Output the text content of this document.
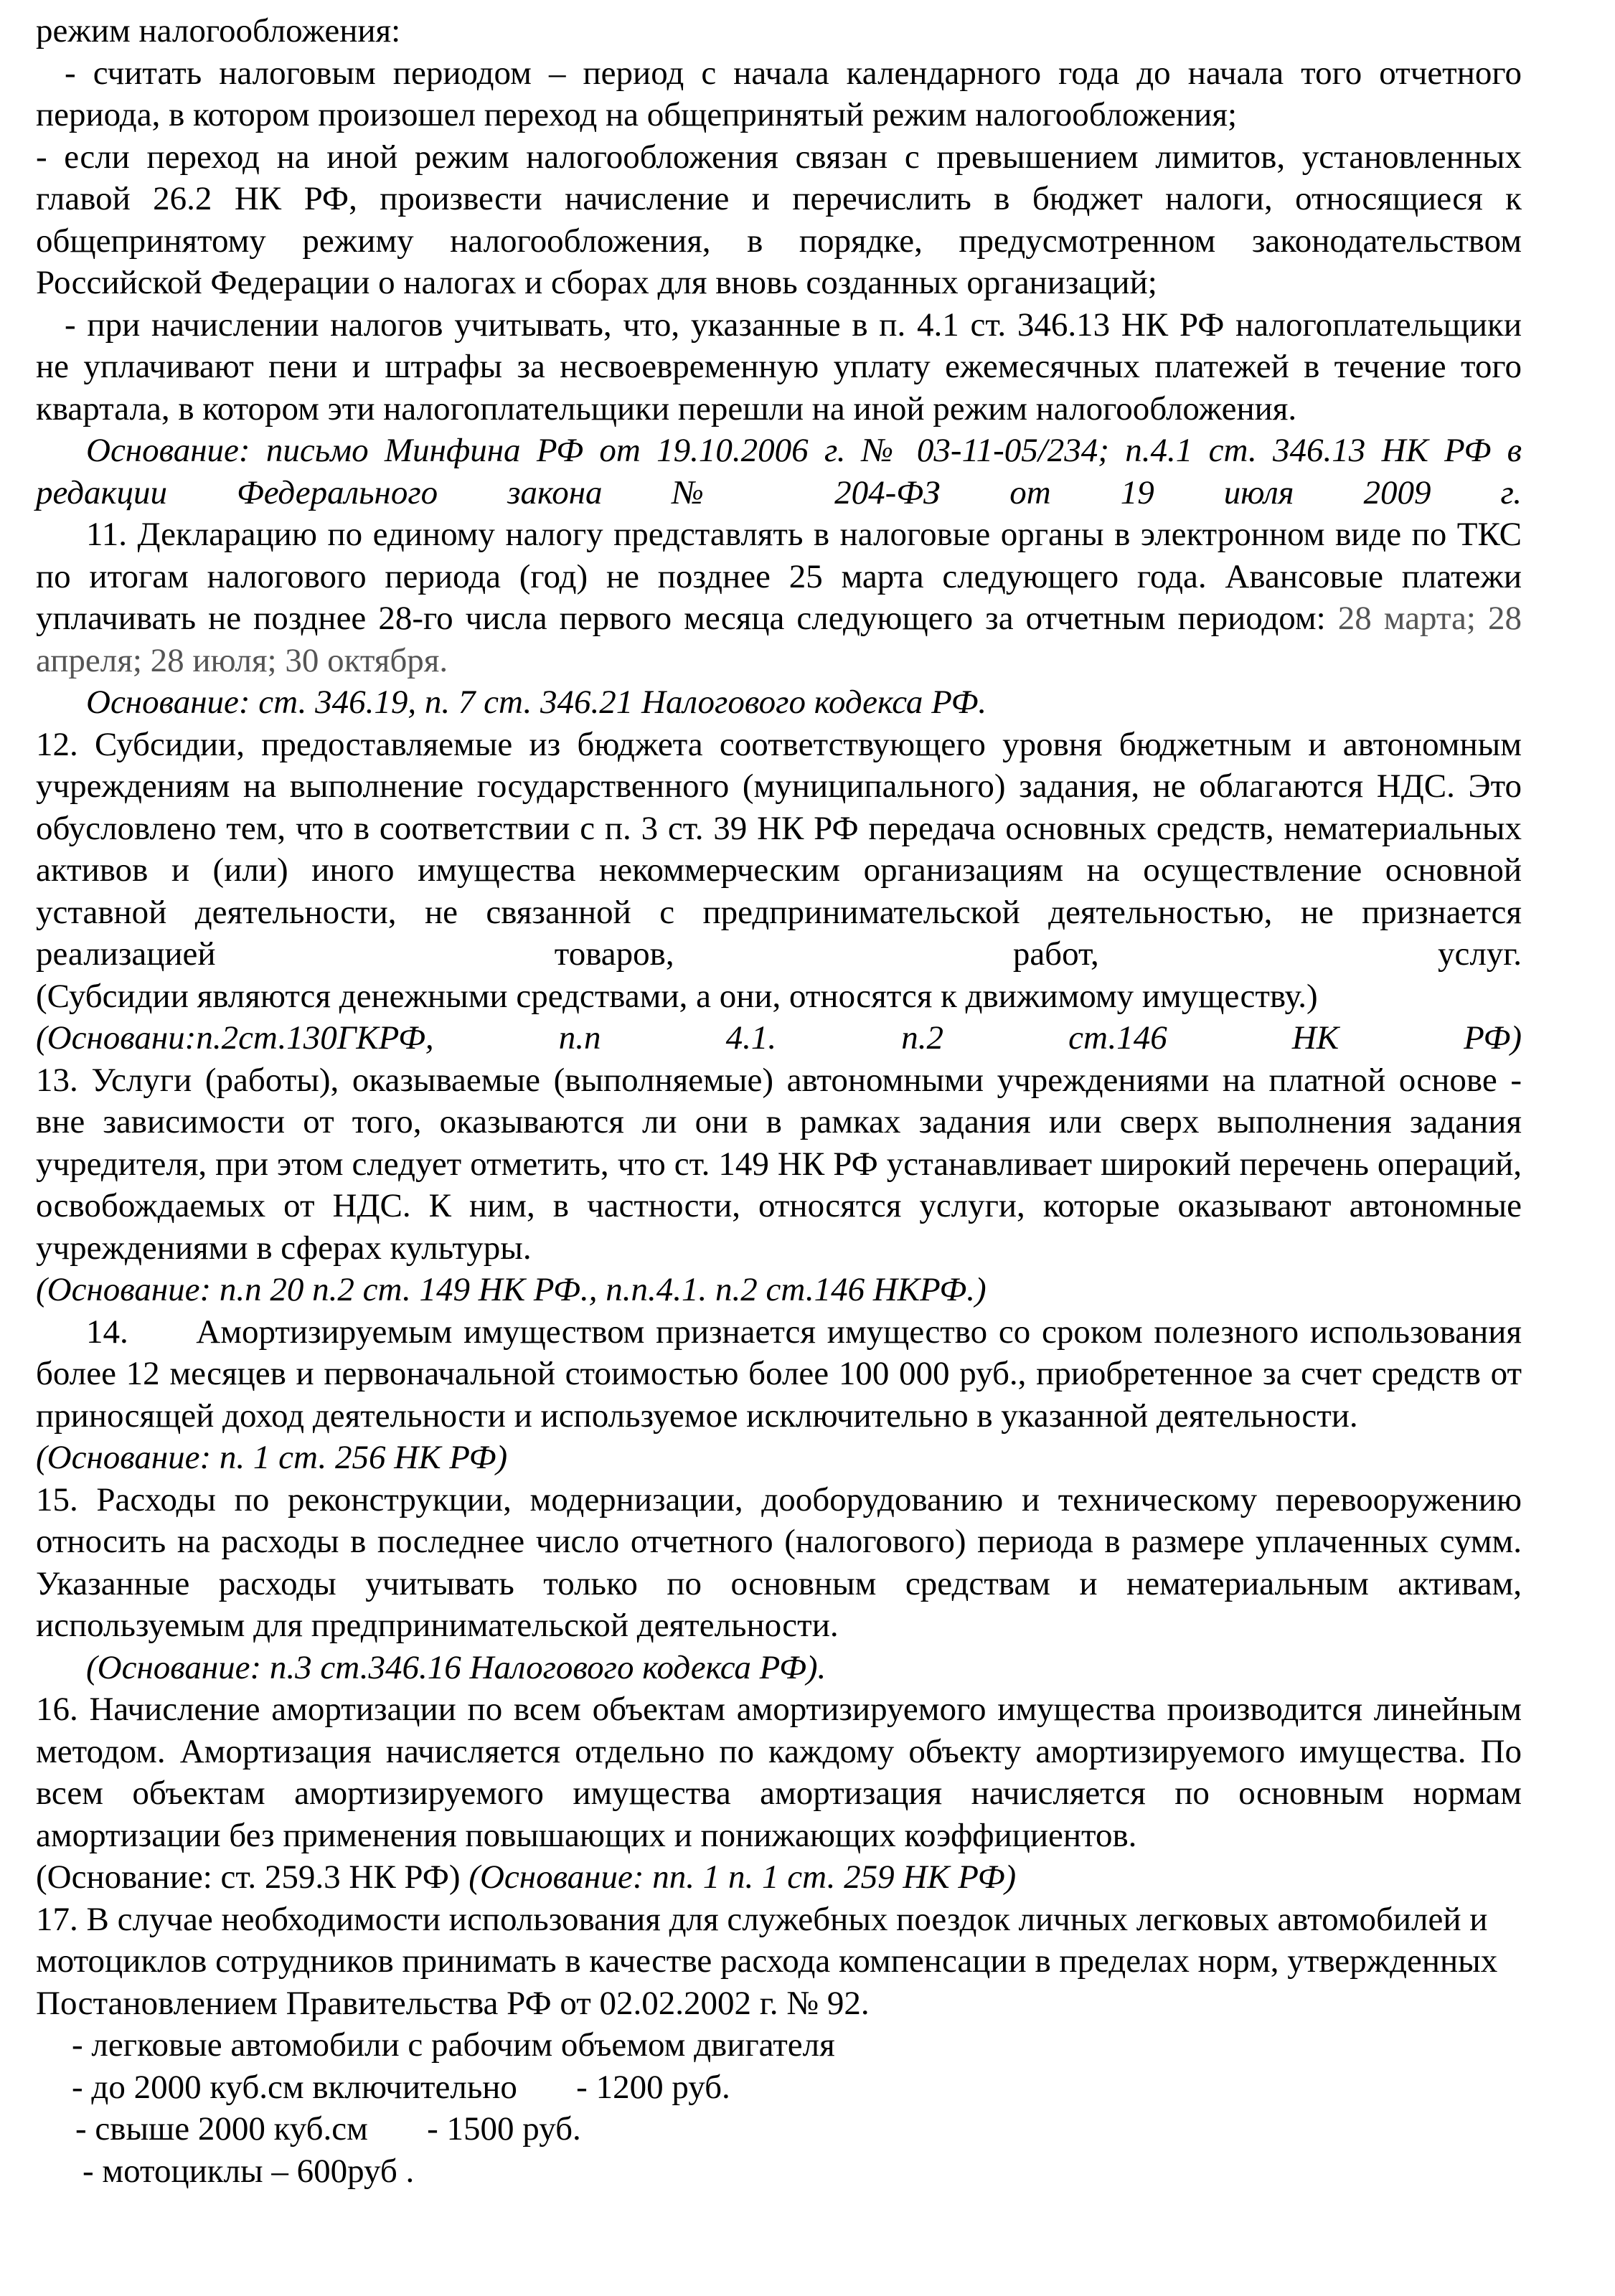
режим налогообложения:

- считать налоговым периодом – период с начала календарного года до начала того отчетного периода, в котором произошел переход на общепринятый режим налогообложения;

- если переход на иной режим налогообложения связан с превышением лимитов, установленных главой 26.2 НК РФ, произвести начисление и перечислить в бюджет налоги, относящиеся к общепринятому режиму налогообложения, в порядке, предусмотренном законодательством Российской Федерации о налогах и сборах для вновь созданных организаций;

- при начислении налогов учитывать, что, указанные в п. 4.1 ст. 346.13 НК РФ налогоплательщики не уплачивают пени и штрафы за несвоевременную уплату ежемесячных платежей в течение того квартала, в котором эти налогоплательщики перешли на иной режим налогообложения.

Основание: письмо Минфина РФ от 19.10.2006 г. № 03-11-05/234; п.4.1 ст. 346.13 НК РФ в редакции Федерального закона № 204-ФЗ от 19 июля 2009 г.

11. Декларацию по единому налогу представлять в налоговые органы в электронном виде по ТКС по итогам налогового периода (год) не позднее 25 марта следующего года. Авансовые платежи уплачивать не позднее 28-го числа первого месяца следующего за отчетным периодом: 28 марта; 28 апреля; 28 июля; 30 октября.

Основание: ст. 346.19, п. 7 ст. 346.21 Налогового кодекса РФ.

12. Субсидии, предоставляемые из бюджета соответствующего уровня бюджетным и автономным учреждениям на выполнение государственного (муниципального) задания, не облагаются НДС. Это обусловлено тем, что в соответствии с п. 3 ст. 39 НК РФ передача основных средств, нематериальных активов и (или) иного имущества некоммерческим организациям на осуществление основной уставной деятельности, не связанной с предпринимательской деятельностью, не признается реализацией товаров, работ, услуг.

(Субсидии являются денежными средствами, а они, относятся к движимому имуществу.)

(Основани:п.2ст.130ГКРФ, п.п 4.1. п.2 ст.146 НК РФ)

13. Услуги (работы), оказываемые (выполняемые) автономными учреждениями на платной основе - вне зависимости от того, оказываются ли они в рамках задания или сверх выполнения задания учредителя, при этом следует отметить, что ст. 149 НК РФ устанавливает широкий перечень операций, освобождаемых от НДС. К ним, в частности, относятся услуги, которые оказывают автономные учреждениями в сферах культуры.

(Основание: п.п 20 п.2 ст. 149 НК РФ., п.п.4.1. п.2 ст.146 НКРФ.)

14. Амортизируемым имуществом признается имущество со сроком полезного использования более 12 месяцев и первоначальной стоимостью более 100 000 руб., приобретенное за счет средств от приносящей доход деятельности и используемое исключительно в указанной деятельности.

(Основание: п. 1 ст. 256 НК РФ)

15. Расходы по реконструкции, модернизации, дооборудованию и техническому перевооружению относить на расходы в последнее число отчетного (налогового) периода в размере уплаченных сумм. Указанные расходы учитывать только по основным средствам и нематериальным активам, используемым для предпринимательской деятельности.

(Основание: п.3 ст.346.16 Налогового кодекса РФ).

16. Начисление амортизации по всем объектам амортизируемого имущества производится линейным методом. Амортизация начисляется отдельно по каждому объекту амортизируемого имущества. По всем объектам амортизируемого имущества амортизация начисляется по основным нормам амортизации без применения повышающих и понижающих коэффициентов.

(Основание: ст. 259.3 НК РФ) (Основание: пп. 1 п. 1 ст. 259 НК РФ)

17. В случае необходимости использования для служебных поездок личных легковых автомобилей и мотоциклов сотрудников принимать в качестве расхода компенсации в пределах норм, утвержденных Постановлением Правительства РФ от 02.02.2002 г. № 92.

- легковые автомобили с рабочим объемом двигателя

- до 2000 куб.см включительно - 1200 руб.

- свыше 2000 куб.см - 1500 руб.

- мотоциклы – 600руб .
